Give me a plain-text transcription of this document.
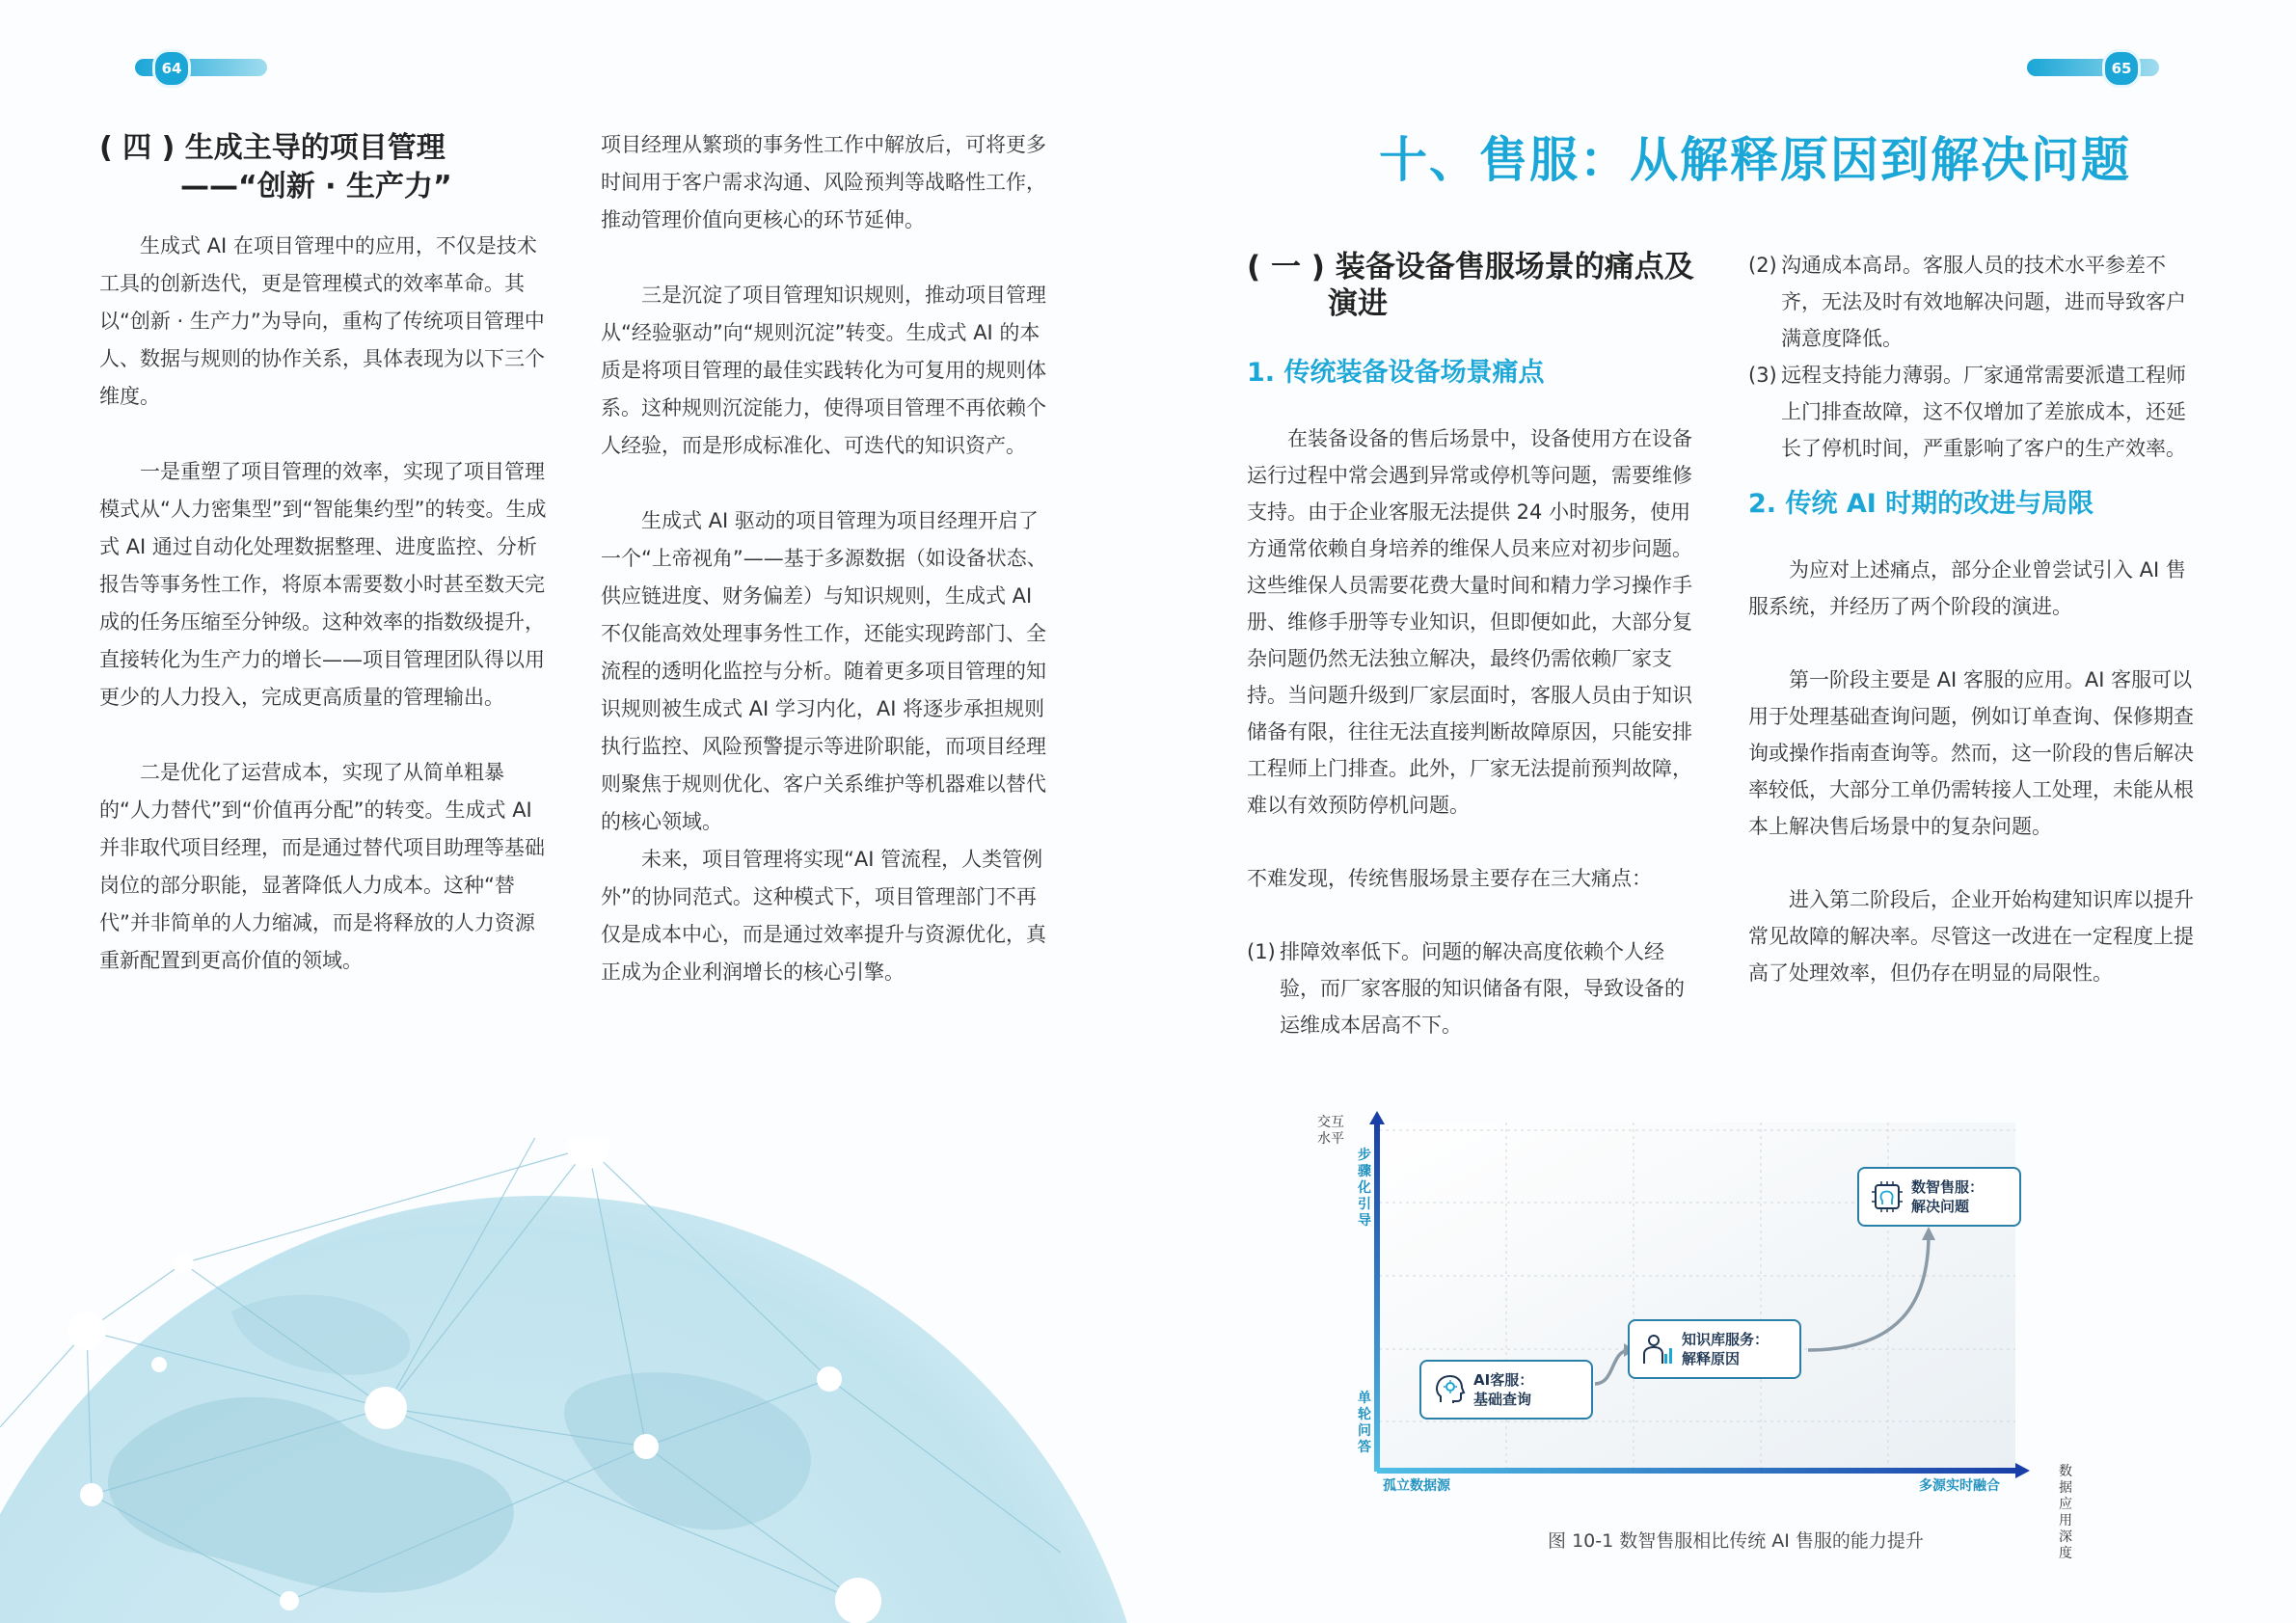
64	65
( 四 ) 生成主导的项目管理
——“创新 · 生产力”

生成式 AI 在项目管理中的应用，不仅是技术工具的创新迭代，更是管理模式的效率革命。其以“创新 · 生产力”为导向，重构了传统项目管理中人、数据与规则的协作关系，具体表现为以下三个维度。

一是重塑了项目管理的效率，实现了项目管理模式从“人力密集型”到“智能集约型”的转变。生成式 AI 通过自动化处理数据整理、进度监控、分析报告等事务性工作，将原本需要数小时甚至数天完成的任务压缩至分钟级。这种效率的指数级提升，直接转化为生产力的增长——项目管理团队得以用更少的人力投入，完成更高质量的管理输出。

二是优化了运营成本，实现了从简单粗暴的“人力替代”到“价值再分配”的转变。生成式 AI 并非取代项目经理，而是通过替代项目助理等基础岗位的部分职能，显著降低人力成本。这种“替代”并非简单的人力缩减，而是将释放的人力资源重新配置到更高价值的领域。

项目经理从繁琐的事务性工作中解放后，可将更多时间用于客户需求沟通、风险预判等战略性工作，推动管理价值向更核心的环节延伸。

三是沉淀了项目管理知识规则，推动项目管理从“经验驱动”向“规则沉淀”转变。生成式 AI 的本质是将项目管理的最佳实践转化为可复用的规则体系。这种规则沉淀能力，使得项目管理不再依赖个人经验，而是形成标准化、可迭代的知识资产。

生成式 AI 驱动的项目管理为项目经理开启了一个“上帝视角”——基于多源数据（如设备状态、供应链进度、财务偏差）与知识规则，生成式 AI 不仅能高效处理事务性工作，还能实现跨部门、全流程的透明化监控与分析。随着更多项目管理的知识规则被生成式 AI 学习内化，AI 将逐步承担规则执行监控、风险预警提示等进阶职能，而项目经理则聚焦于规则优化、客户关系维护等机器难以替代的核心领域。

未来，项目管理将实现“AI 管流程，人类管例外”的协同范式。这种模式下，项目管理部门不再仅是成本中心，而是通过效率提升与资源优化，真正成为企业利润增长的核心引擎。

十、售服：从解释原因到解决问题
( 一 ) 装备设备售服场景的痛点及
演进
1. 传统装备设备场景痛点

在装备设备的售后场景中，设备使用方在设备运行过程中常会遇到异常或停机等问题，需要维修支持。由于企业客服无法提供 24 小时服务，使用方通常依赖自身培养的维保人员来应对初步问题。这些维保人员需要花费大量时间和精力学习操作手册、维修手册等专业知识，但即便如此，大部分复杂问题仍然无法独立解决，最终仍需依赖厂家支持。当问题升级到厂家层面时，客服人员由于知识储备有限，往往无法直接判断故障原因，只能安排工程师上门排查。此外，厂家无法提前预判故障，难以有效预防停机问题。

不难发现，传统售服场景主要存在三大痛点：

(1) 排障效率低下。问题的解决高度依赖个人经验，而厂家客服的知识储备有限，导致设备的运维成本居高不下。
(2) 沟通成本高昂。客服人员的技术水平参差不齐，无法及时有效地解决问题，进而导致客户满意度降低。
(3) 远程支持能力薄弱。厂家通常需要派遣工程师上门排查故障，这不仅增加了差旅成本，还延长了停机时间，严重影响了客户的生产效率。
2. 传统 AI 时期的改进与局限

为应对上述痛点，部分企业曾尝试引入 AI 售服系统，并经历了两个阶段的演进。

第一阶段主要是 AI 客服的应用。AI 客服可以用于处理基础查询问题，例如订单查询、保修期查询或操作指南查询等。然而，这一阶段的售后解决率较低，大部分工单仍需转接人工处理，未能从根本上解决售后场景中的复杂问题。

进入第二阶段后，企业开始构建知识库以提升常见故障的解决率。尽管这一改进在一定程度上提高了处理效率，但仍存在明显的局限性。

交互水平
步骤化引导
单轮问答
孤立数据源	多源实时融合
数据应用深度
AI客服：
基础查询
知识库服务：
解释原因
数智售服：
解决问题
图 10-1 数智售服相比传统 AI 售服的能力提升
